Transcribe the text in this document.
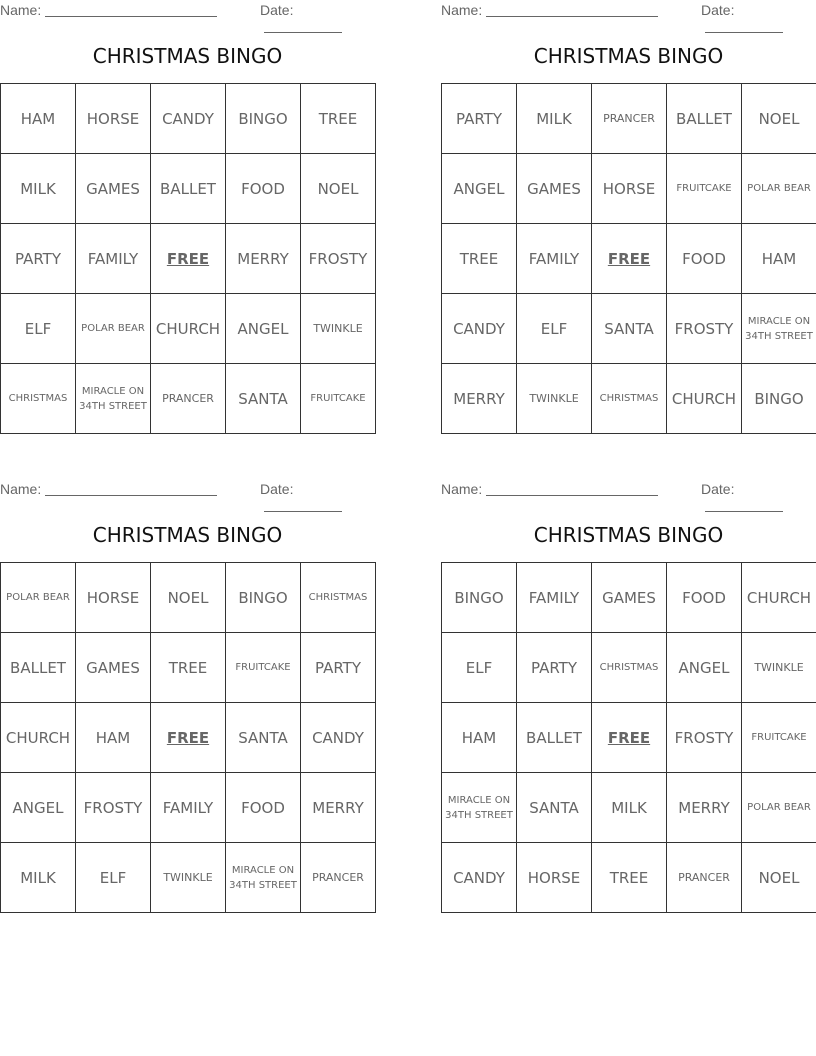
Name:	Date:
CHRISTMAS BINGO
HAM	HORSE	CANDY	BINGO	TREE
MILK	GAMES	BALLET	FOOD	NOEL
PARTY	FAMILY	FREE	MERRY	FROSTY
ELF	POLAR BEAR	CHURCH	ANGEL	TWINKLE
CHRISTMAS	MIRACLE ON 34TH STREET	PRANCER	SANTA	FRUITCAKE
Name:	Date:
CHRISTMAS BINGO
PARTY	MILK	PRANCER	BALLET	NOEL
ANGEL	GAMES	HORSE	FRUITCAKE	POLAR BEAR
TREE	FAMILY	FREE	FOOD	HAM
CANDY	ELF	SANTA	FROSTY	MIRACLE ON 34TH STREET
MERRY	TWINKLE	CHRISTMAS	CHURCH	BINGO
Name:	Date:
CHRISTMAS BINGO
POLAR BEAR	HORSE	NOEL	BINGO	CHRISTMAS
BALLET	GAMES	TREE	FRUITCAKE	PARTY
CHURCH	HAM	FREE	SANTA	CANDY
ANGEL	FROSTY	FAMILY	FOOD	MERRY
MILK	ELF	TWINKLE	MIRACLE ON 34TH STREET	PRANCER
Name:	Date:
CHRISTMAS BINGO
BINGO	FAMILY	GAMES	FOOD	CHURCH
ELF	PARTY	CHRISTMAS	ANGEL	TWINKLE
HAM	BALLET	FREE	FROSTY	FRUITCAKE
MIRACLE ON 34TH STREET	SANTA	MILK	MERRY	POLAR BEAR
CANDY	HORSE	TREE	PRANCER	NOEL
